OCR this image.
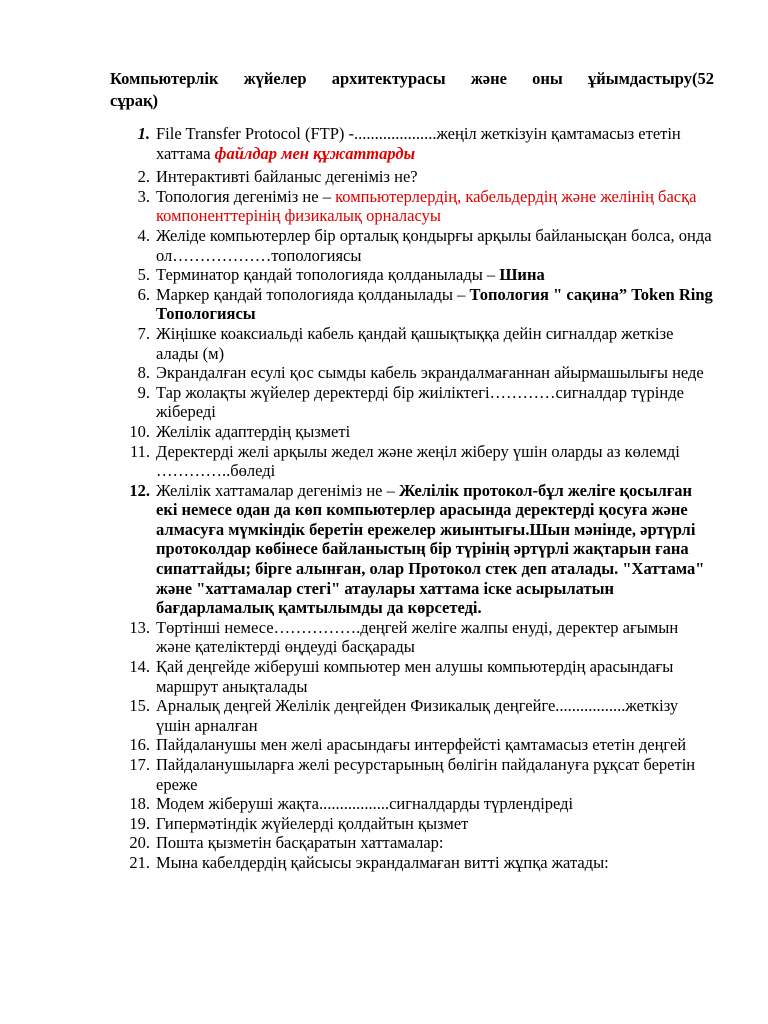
Компьютерлік жүйелер архитектурасы және оны ұйымдастыру(52
сұрақ)

1. File Transfer Protocol (FTP) -....................жеңіл жеткізуін қамтамасыз ететін хаттама файлдар мен құжаттарды

2. Интерактивті байланыс дегеніміз не?

3. Топология дегеніміз не – компьютерлердің, кабельдердің және желінің басқа компоненттерінің физикалық орналасуы

4. Желіде компьютерлер бір орталық қондырғы арқылы байланысқан болса, онда ол………………топологиясы

5. Терминатор қандай топологияда қолданылады – Шина

6. Маркер қандай топологияда қолданылады – Топология " сақина” Token Ring Топологиясы

7. Жіңішке коаксиальді кабель қандай қашықтыққа дейін сигналдар жеткізе алады (м)

8. Экрандалған есулі қос сымды кабель экрандалмағаннан айырмашылығы неде

9. Тар жолақты жүйелер деректерді бір жиіліктегі…………сигналдар түрінде жібереді

10. Желілік адаптердің қызметі

11. Деректерді желі арқылы жедел және жеңіл жіберу үшін оларды аз көлемді …………..бөледі

12. Желілік хаттамалар дегеніміз не – Желілік протокол-бұл желіге қосылған екі немесе одан да көп компьютерлер арасында деректерді қосуға және алмасуға мүмкіндік беретін ережелер жиынтығы.Шын мәнінде, әртүрлі протоколдар көбінесе байланыстың бір түрінің әртүрлі жақтарын ғана сипаттайды; бірге алынған, олар Протокол стек деп аталады. "Хаттама" және "хаттамалар стегі" атаулары хаттама іске асырылатын бағдарламалық қамтылымды да көрсетеді.

13. Төртінші немесе…………….деңгей желіге жалпы енуді, деректер ағымын және қателіктерді өңдеуді басқарады

14. Қай деңгейде жіберуші компьютер мен алушы компьютердің арасындағы маршрут анықталады

15. Арналық деңгей Желілік деңгейден Физикалық деңгейге.................жеткізу үшін арналған

16. Пайдаланушы мен желі арасындағы интерфейсті қамтамасыз ететін деңгей

17. Пайдаланушыларға желі ресурстарының бөлігін пайдалануға рұқсат беретін ереже

18. Модем жіберуші жақта.................сигналдарды түрлендіреді

19. Гипермәтіндік жүйелерді қолдайтын қызмет

20. Пошта қызметін басқаратын хаттамалар:

21. Мына кабелдердің қайсысы экрандалмаған витті жұпқа жатады:
